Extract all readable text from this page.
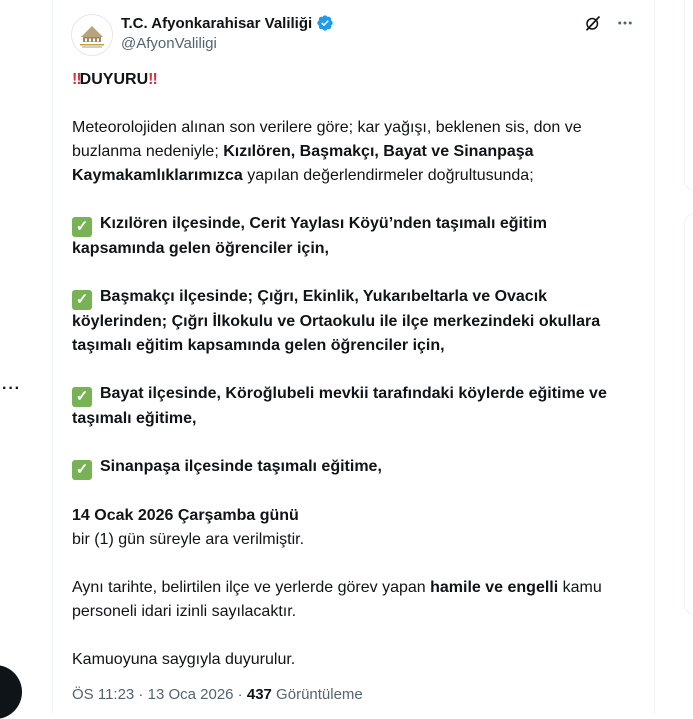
···
T.C. Afyonkarahisar Valiliği
@AfyonValiligi

‼DUYURU‼

Meteorolojiden alınan son verilere göre; kar yağışı, beklenen sis, don ve buzlanma nedeniyle; Kızılören, Başmakçı, Bayat ve Sinanpaşa Kaymakamlıklarımızca yapılan değerlendirmeler doğrultusunda;

✓ Kızılören ilçesinde, Cerit Yaylası Köyü’nden taşımalı eğitim kapsamında gelen öğrenciler için,

✓ Başmakçı ilçesinde; Çığrı, Ekinlik, Yukarıbeltarla ve Ovacık köylerinden; Çığrı İlkokulu ve Ortaokulu ile ilçe merkezindeki okullara taşımalı eğitim kapsamında gelen öğrenciler için,

✓ Bayat ilçesinde, Köroğlubeli mevkii tarafındaki köylerde eğitime ve taşımalı eğitime,

✓ Sinanpaşa ilçesinde taşımalı eğitime,

14 Ocak 2026 Çarşamba günü

bir (1) gün süreyle ara verilmiştir.

Aynı tarihte, belirtilen ilçe ve yerlerde görev yapan hamile ve engelli kamu personeli idari izinli sayılacaktır.

Kamuoyuna saygıyla duyurulur.

ÖS 11:23 · 13 Oca 2026 · 437 Görüntüleme
